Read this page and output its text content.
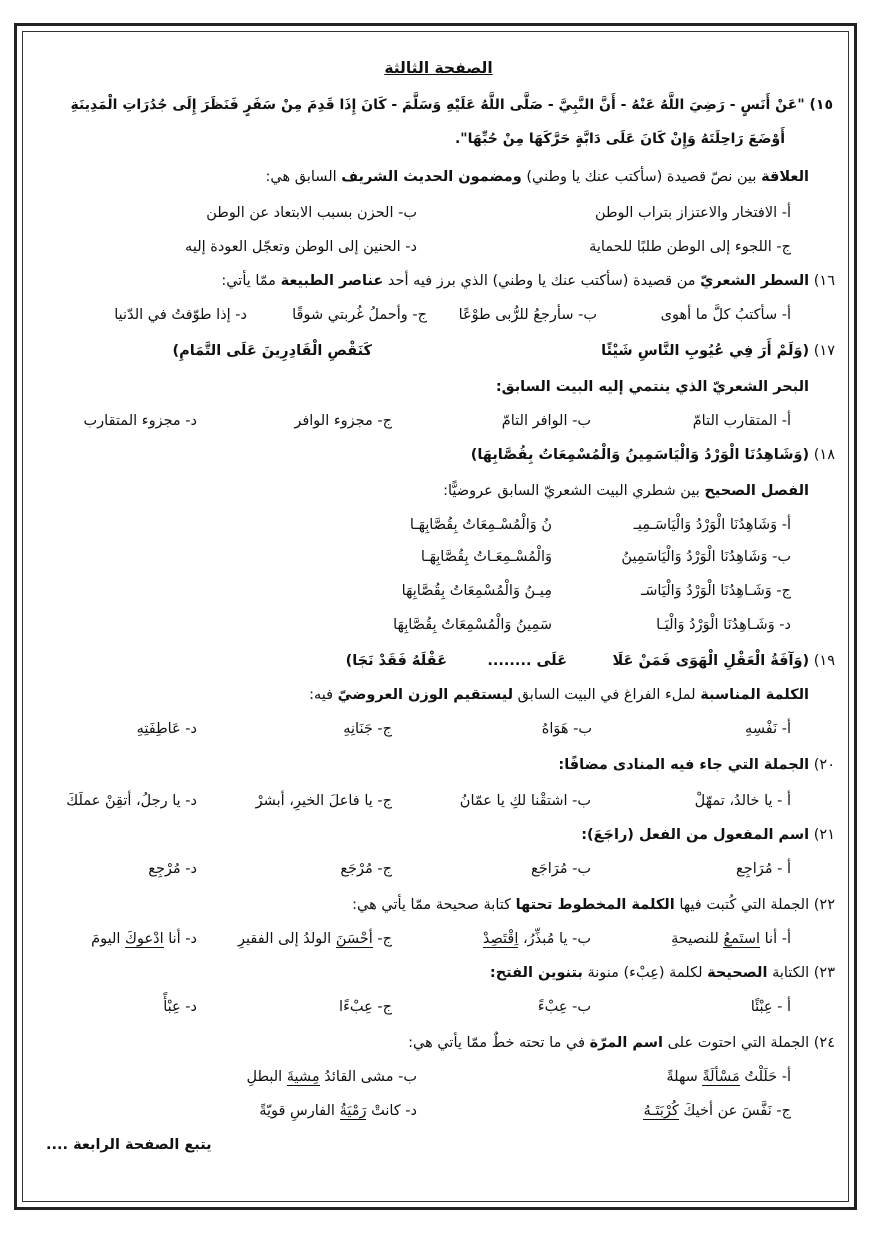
الصفحة الثالثة
١٥) "عَنْ أَنَسٍ - رَضِيَ اللَّهُ عَنْهُ - أَنَّ النَّبِيَّ - صَلَّى اللَّهُ عَلَيْهِ وَسَلَّمَ - كَانَ إِذَا قَدِمَ مِنْ سَفَرٍ فَنَظَرَ إِلَى جُدُرَاتِ الْمَدِينَةِ
أَوْضَعَ رَاحِلَتَهُ وَإِنْ كَانَ عَلَى دَابَّةٍ حَرَّكَهَا مِنْ حُبِّهَا".
العلاقة بين نصّ قصيدة (سأكتب عنك يا وطني) ومضمون الحديث الشريف السابق هي:
أ- الافتخار والاعتزاز بتراب الوطن
ب- الحزن بسبب الابتعاد عن الوطن
ج- اللجوء إلى الوطن طلبًا للحماية
د- الحنين إلى الوطن وتعجّل العودة إليه
١٦) السطر الشعريّ من قصيدة (سأكتب عنك يا وطني) الذي برز فيه أحد عناصر الطبيعة ممّا يأتي:
أ- سأكتبُ كلَّ ما أهوى
ب- سأرجعُ للرُّبى طوْعًا
ج- وأحملُ غُربتي شوقًا
د- إذا طوّفتُ في الدّنيا
١٧) (وَلَمْ أَرَ فِي عُيُوبِ النَّاسِ شَيْئًا
كَنَقْصِ الْقَادِرِينَ عَلَى التَّمَامِ)
البحر الشعريّ الذي ينتمي إليه البيت السابق:
أ- المتقارب التامّ
ب- الوافر التامّ
ج- مجزوء الوافر
د- مجزوء المتقارب
١٨) (وَشَاهِدُنَا الْوَرْدُ وَالْيَاسَمِينُ وَالْمُسْمِعَاتُ بِقُصَّابِهَا)
الفصل الصحيح بين شطري البيت الشعريّ السابق عروضيًّا:
أ- وَشَاهِدُنَا الْوَرْدُ وَالْيَاسَـمِيـ
نُ وَالْمُسْـمِعَاتُ بِقُصَّابِهَـا
ب- وَشَاهِدُنَا الْوَرْدُ وَالْيَاسَمِينُ
وَالْمُسْـمِعَـاتُ بِقُصَّابِهَـا
ج- وَشَـاهِدُنَا الْوَرْدُ وَالْيَاسَـ
مِيـنُ وَالْمُسْمِعَاتُ بِقُصَّابِهَا
د- وَشَـاهِدُنَا الْوَرْدُ وَالْيَـا
سَمِينُ وَالْمُسْمِعَاتُ بِقُصَّابِهَا
١٩) (وَآفَةُ الْعَقْلِ الْهَوَى فَمَنْ عَلَا
عَلَى ........
عَقْلَهُ فَقَدْ نَجَا)
الكلمة المناسبة لملء الفراغ في البيت السابق ليستقيم الوزن العروضيّ فيه:
أ- نَفْسِهِ
ب- هَوَاهُ
ج- جَنَانِهِ
د- عَاطِفَتِهِ
٢٠) الجملة التي جاء فيه المنادى مضافًا:
أ - يا خالدُ، تمهّلْ
ب- اشتقْنا لكِ يا عمّانُ
ج- يا فاعلَ الخيرِ، أبشرْ
د- يا رجلُ، أتقِنْ عملَكَ
٢١) اسم المفعول من الفعل (راجَعَ):
أ - مُرَاجِع
ب- مُرَاجَع
ج- مُرْجَع
د- مُرْجِع
٢٢) الجملة التي كُتبت فيها الكلمة المخطوط تحتها كتابة صحيحة ممّا يأتي هي:
أ- أنا استَمعُ للنصيحةِ
ب- يا مُبذِّرُ، اِقْتَصِدْ
ج- أحْسَنَ الولدُ إلى الفقيرِ
د- أنا ادْعوكَ اليومَ
٢٣) الكتابة الصحيحة لكلمة (عِبْء) منونة بتنوين الفتح:
أ - عِبْئًا
ب- عِبْءً
ج- عِبْءًا
د- عِبْأً
٢٤) الجملة التي احتوت على اسم المرّة في ما تحته خطٌ ممّا يأتي هي:
أ- حَلَلْتُ مَسْألَةً سهلةً
ب- مشى القائدُ مِشيةَ البطلِ
ج- نَفَّسَ عن أخيكَ كُرْبَتَـهُ
د- كانتْ رَمْيَةُ الفارسِ قويّةً
يتبع الصفحة الرابعة ....
